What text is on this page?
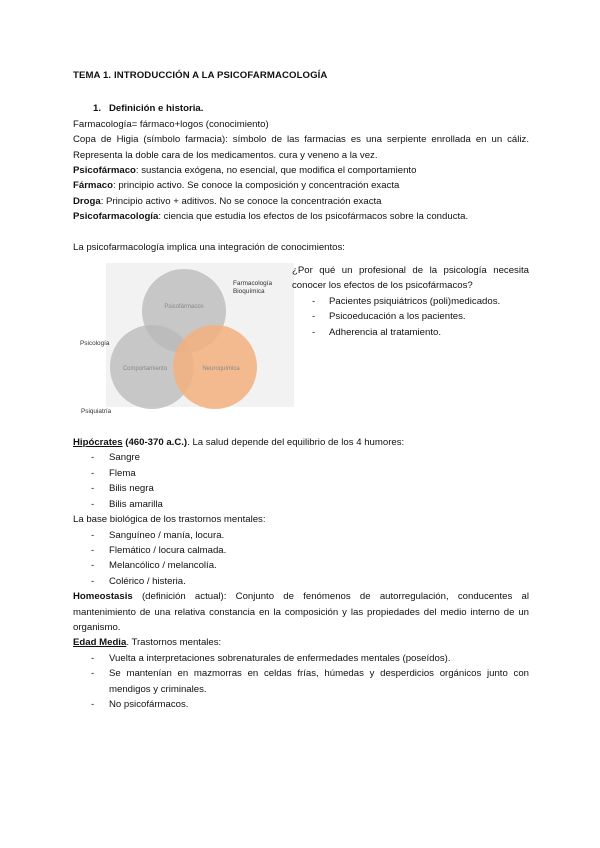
TEMA 1. INTRODUCCIÓN A LA PSICOFARMACOLOGÍA
1. Definición e historia.
Farmacología= fármaco+logos (conocimiento)
Copa de Higia (símbolo farmacia): símbolo de las farmacias es una serpiente enrollada en un cáliz. Representa la doble cara de los medicamentos. cura y veneno a la vez.
Psicofármaco: sustancia exógena, no esencial, que modifica el comportamiento
Fármaco: principio activo. Se conoce la composición y concentración exacta
Droga: Principio activo + aditivos. No se conoce la concentración exacta
Psicofarmacología: ciencia que estudia los efectos de los psicofármacos sobre la conducta.
La psicofarmacología implica una integración de conocimientos:
Psicofármacos
Comportamiento	Neuroquímica
Farmacología
Bioquímica
Psicología
Psiquiatría
¿Por qué un profesional de la psicología necesita conocer los efectos de los psicofármacos?
- Pacientes psiquiátricos (poli)medicados.
- Psicoeducación a los pacientes.
- Adherencia al tratamiento.
Hipócrates (460-370 a.C.). La salud depende del equilibrio de los 4 humores:
- Sangre
- Flema
- Bilis negra
- Bilis amarilla
La base biológica de los trastornos mentales:
- Sanguíneo / manía, locura.
- Flemático / locura calmada.
- Melancólico / melancolía.
- Colérico / histeria.
Homeostasis (definición actual): Conjunto de fenómenos de autorregulación, conducentes al mantenimiento de una relativa constancia en la composición y las propiedades del medio interno de un organismo.
Edad Media. Trastornos mentales:
- Vuelta a interpretaciones sobrenaturales de enfermedades mentales (poseídos).
- Se mantenían en mazmorras en celdas frías, húmedas y desperdicios orgánicos junto con mendigos y criminales.
- No psicofármacos.
